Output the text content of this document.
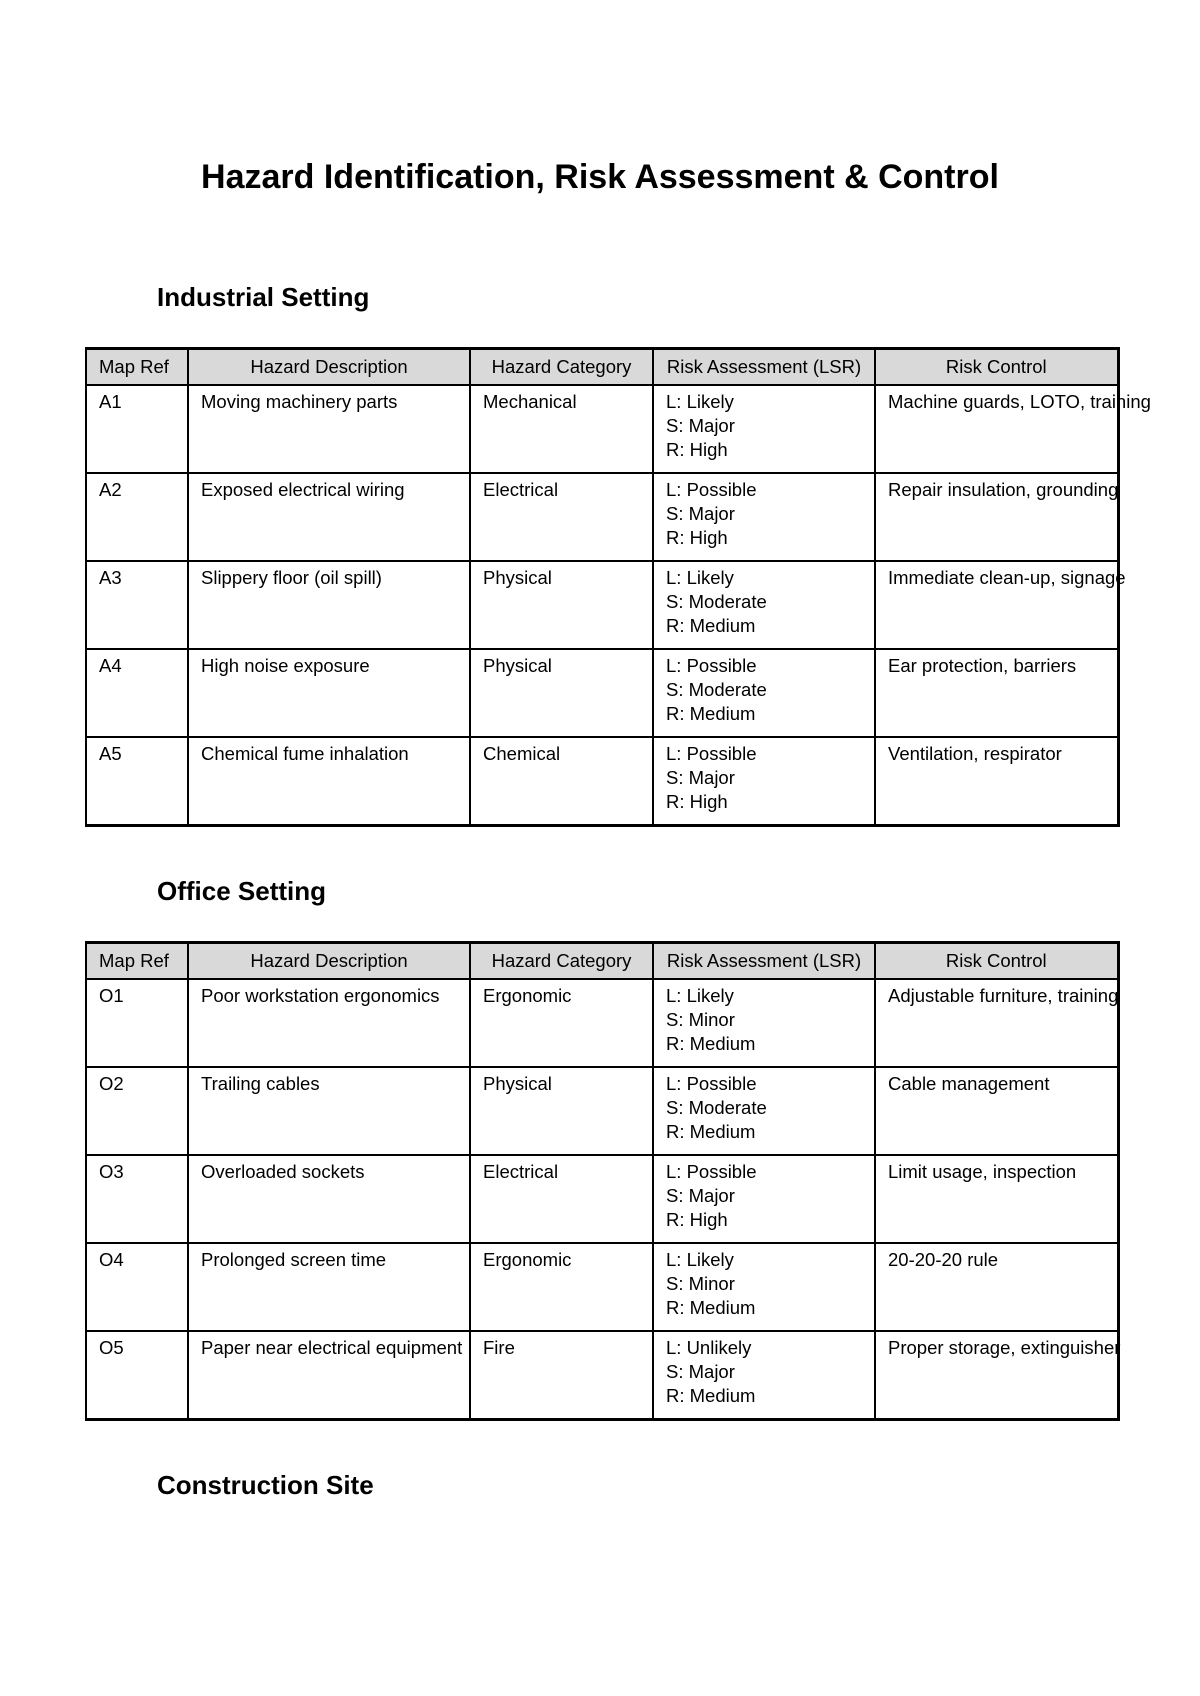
Hazard Identification, Risk Assessment & Control
Industrial Setting
Map Ref	Hazard Description	Hazard Category	Risk Assessment (LSR)	Risk Control
A1	Moving machinery parts	Mechanical	L: Likely
S: Major
R: High	Machine guards, LOTO, training
A2	Exposed electrical wiring	Electrical	L: Possible
S: Major
R: High	Repair insulation, grounding
A3	Slippery floor (oil spill)	Physical	L: Likely
S: Moderate
R: Medium	Immediate clean-up, signage
A4	High noise exposure	Physical	L: Possible
S: Moderate
R: Medium	Ear protection, barriers
A5	Chemical fume inhalation	Chemical	L: Possible
S: Major
R: High	Ventilation, respirator
Office Setting
Map Ref	Hazard Description	Hazard Category	Risk Assessment (LSR)	Risk Control
O1	Poor workstation ergonomics	Ergonomic	L: Likely
S: Minor
R: Medium	Adjustable furniture, training
O2	Trailing cables	Physical	L: Possible
S: Moderate
R: Medium	Cable management
O3	Overloaded sockets	Electrical	L: Possible
S: Major
R: High	Limit usage, inspection
O4	Prolonged screen time	Ergonomic	L: Likely
S: Minor
R: Medium	20-20-20 rule
O5	Paper near electrical equipment	Fire	L: Unlikely
S: Major
R: Medium	Proper storage, extinguisher
Construction Site
